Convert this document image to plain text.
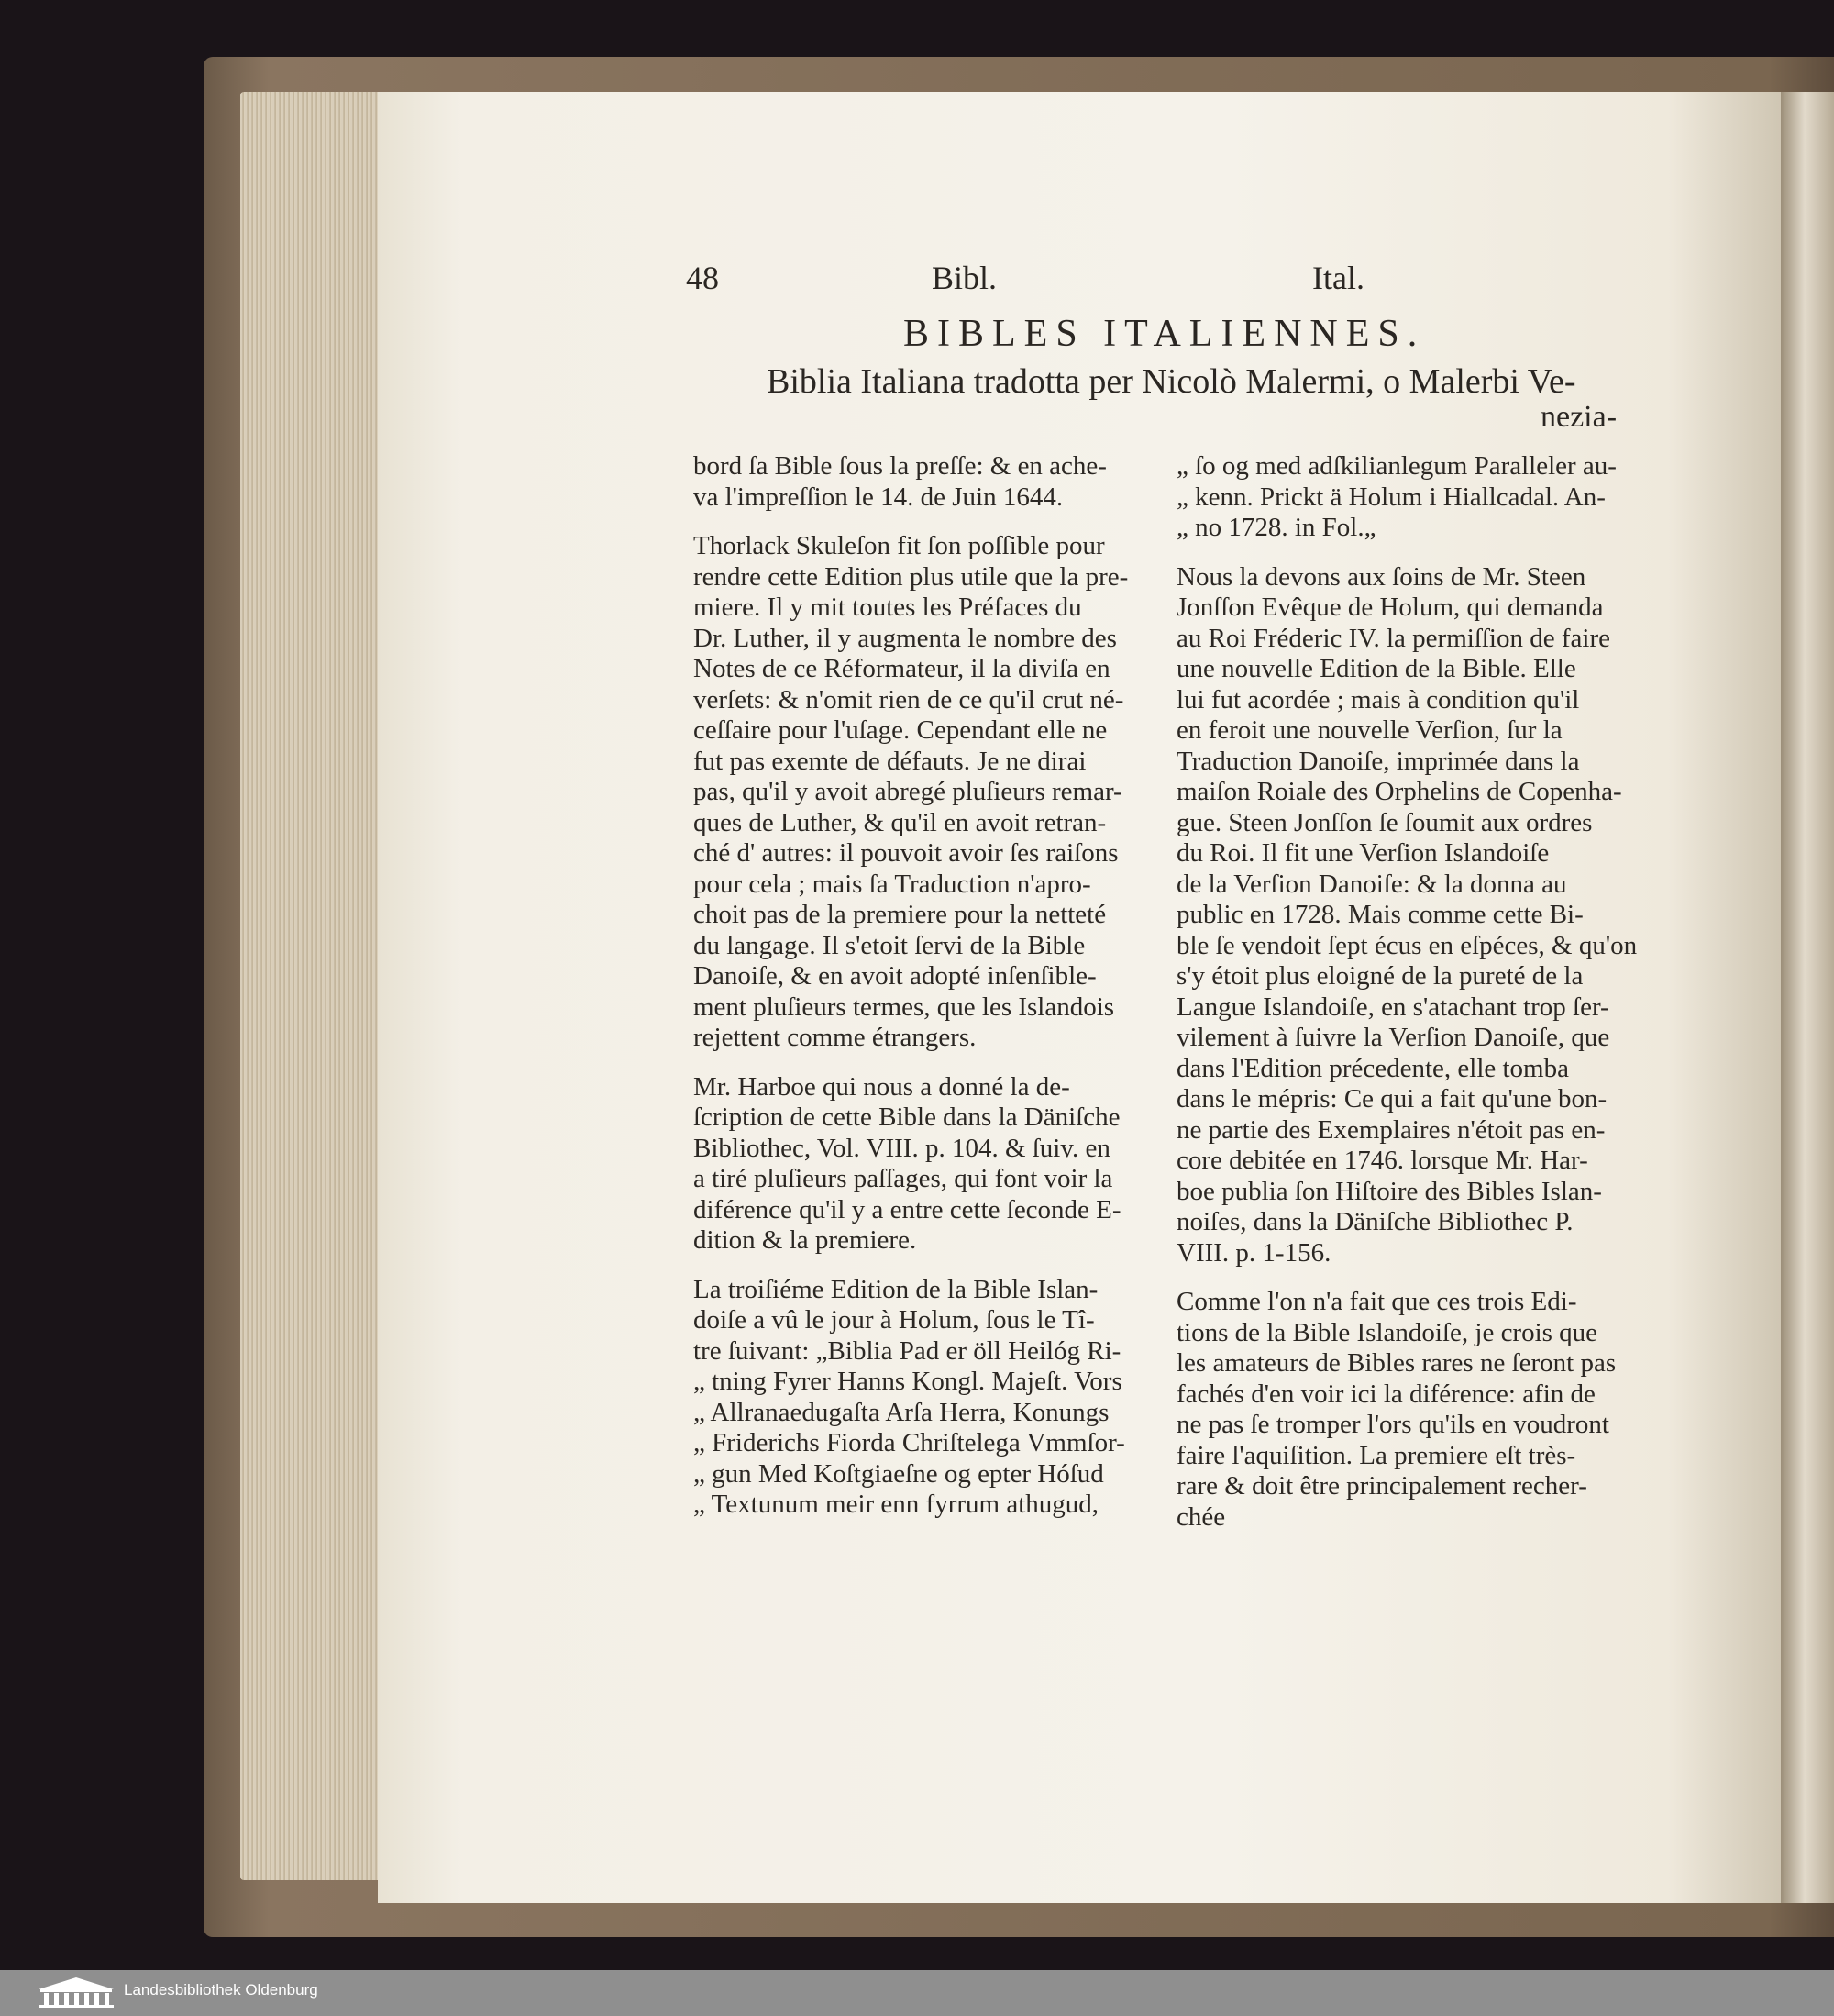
48	Bibl.	Ital.
BIBLES ITALIENNES.
Biblia Italiana tradotta per Nicolò Malermi, o Malerbi Ve-
nezia-

bord ſa Bible ſous la preſſe: & en ache-

va l'impreſſion le 14. de Juin 1644.

Thorlack Skuleſon fit ſon poſſible pour

rendre cette Edition plus utile que la pre-

miere. Il y mit toutes les Préfaces du

Dr. Luther, il y augmenta le nombre des

Notes de ce Réformateur, il la diviſa en

verſets: & n'omit rien de ce qu'il crut né-

ceſſaire pour l'uſage. Cependant elle ne

fut pas exemte de défauts. Je ne dirai

pas, qu'il y avoit abregé pluſieurs remar-

ques de Luther, & qu'il en avoit retran-

ché d' autres: il pouvoit avoir ſes raiſons

pour cela ; mais ſa Traduction n'apro-

choit pas de la premiere pour la netteté

du langage. Il s'etoit ſervi de la Bible

Danoiſe, & en avoit adopté inſenſible-

ment pluſieurs termes, que les Islandois

rejettent comme étrangers.

Mr. Harboe qui nous a donné la de-

ſcription de cette Bible dans la Däniſche

Bibliothec, Vol. VIII. p. 104. & ſuiv. en

a tiré pluſieurs paſſages, qui font voir la

diférence qu'il y a entre cette ſeconde E-

dition & la premiere.

La troiſiéme Edition de la Bible Islan-

doiſe a vû le jour à Holum, ſous le Tî-

tre ſuivant: „Biblia Pad er öll Heilóg Ri-

„ tning Fyrer Hanns Kongl. Majeſt. Vors

„ Allranaedugaſta Arſa Herra, Konungs

„ Friderichs Fiorda Chriſtelega Vmmſor-

„ gun Med Koſtgiaeſne og epter Hóſud

„ Textunum meir enn fyrrum athugud,

„ ſo og med adſkilianlegum Paralleler au-

„ kenn. Prickt ä Holum i Hiallcadal. An-

„ no 1728. in Fol.„

Nous la devons aux ſoins de Mr. Steen

Jonſſon Evêque de Holum, qui demanda

au Roi Fréderic IV. la permiſſion de faire

une nouvelle Edition de la Bible. Elle

lui fut acordée ; mais à condition qu'il

en feroit une nouvelle Verſion, ſur la

Traduction Danoiſe, imprimée dans la

maiſon Roiale des Orphelins de Copenha-

gue. Steen Jonſſon ſe ſoumit aux ordres

du Roi. Il fit une Verſion Islandoiſe

de la Verſion Danoiſe: & la donna au

public en 1728. Mais comme cette Bi-

ble ſe vendoit ſept écus en eſpéces, & qu'on

s'y étoit plus eloigné de la pureté de la

Langue Islandoiſe, en s'atachant trop ſer-

vilement à ſuivre la Verſion Danoiſe, que

dans l'Edition précedente, elle tomba

dans le mépris: Ce qui a fait qu'une bon-

ne partie des Exemplaires n'étoit pas en-

core debitée en 1746. lorsque Mr. Har-

boe publia ſon Hiſtoire des Bibles Islan-

noiſes, dans la Däniſche Bibliothec P.

VIII. p. 1-156.

Comme l'on n'a fait que ces trois Edi-

tions de la Bible Islandoiſe, je crois que

les amateurs de Bibles rares ne ſeront pas

fachés d'en voir ici la diférence: afin de

ne pas ſe tromper l'ors qu'ils en voudront

faire l'aquiſition. La premiere eſt très-

rare & doit être principalement recher-

chée

Landesbibliothek Oldenburg
